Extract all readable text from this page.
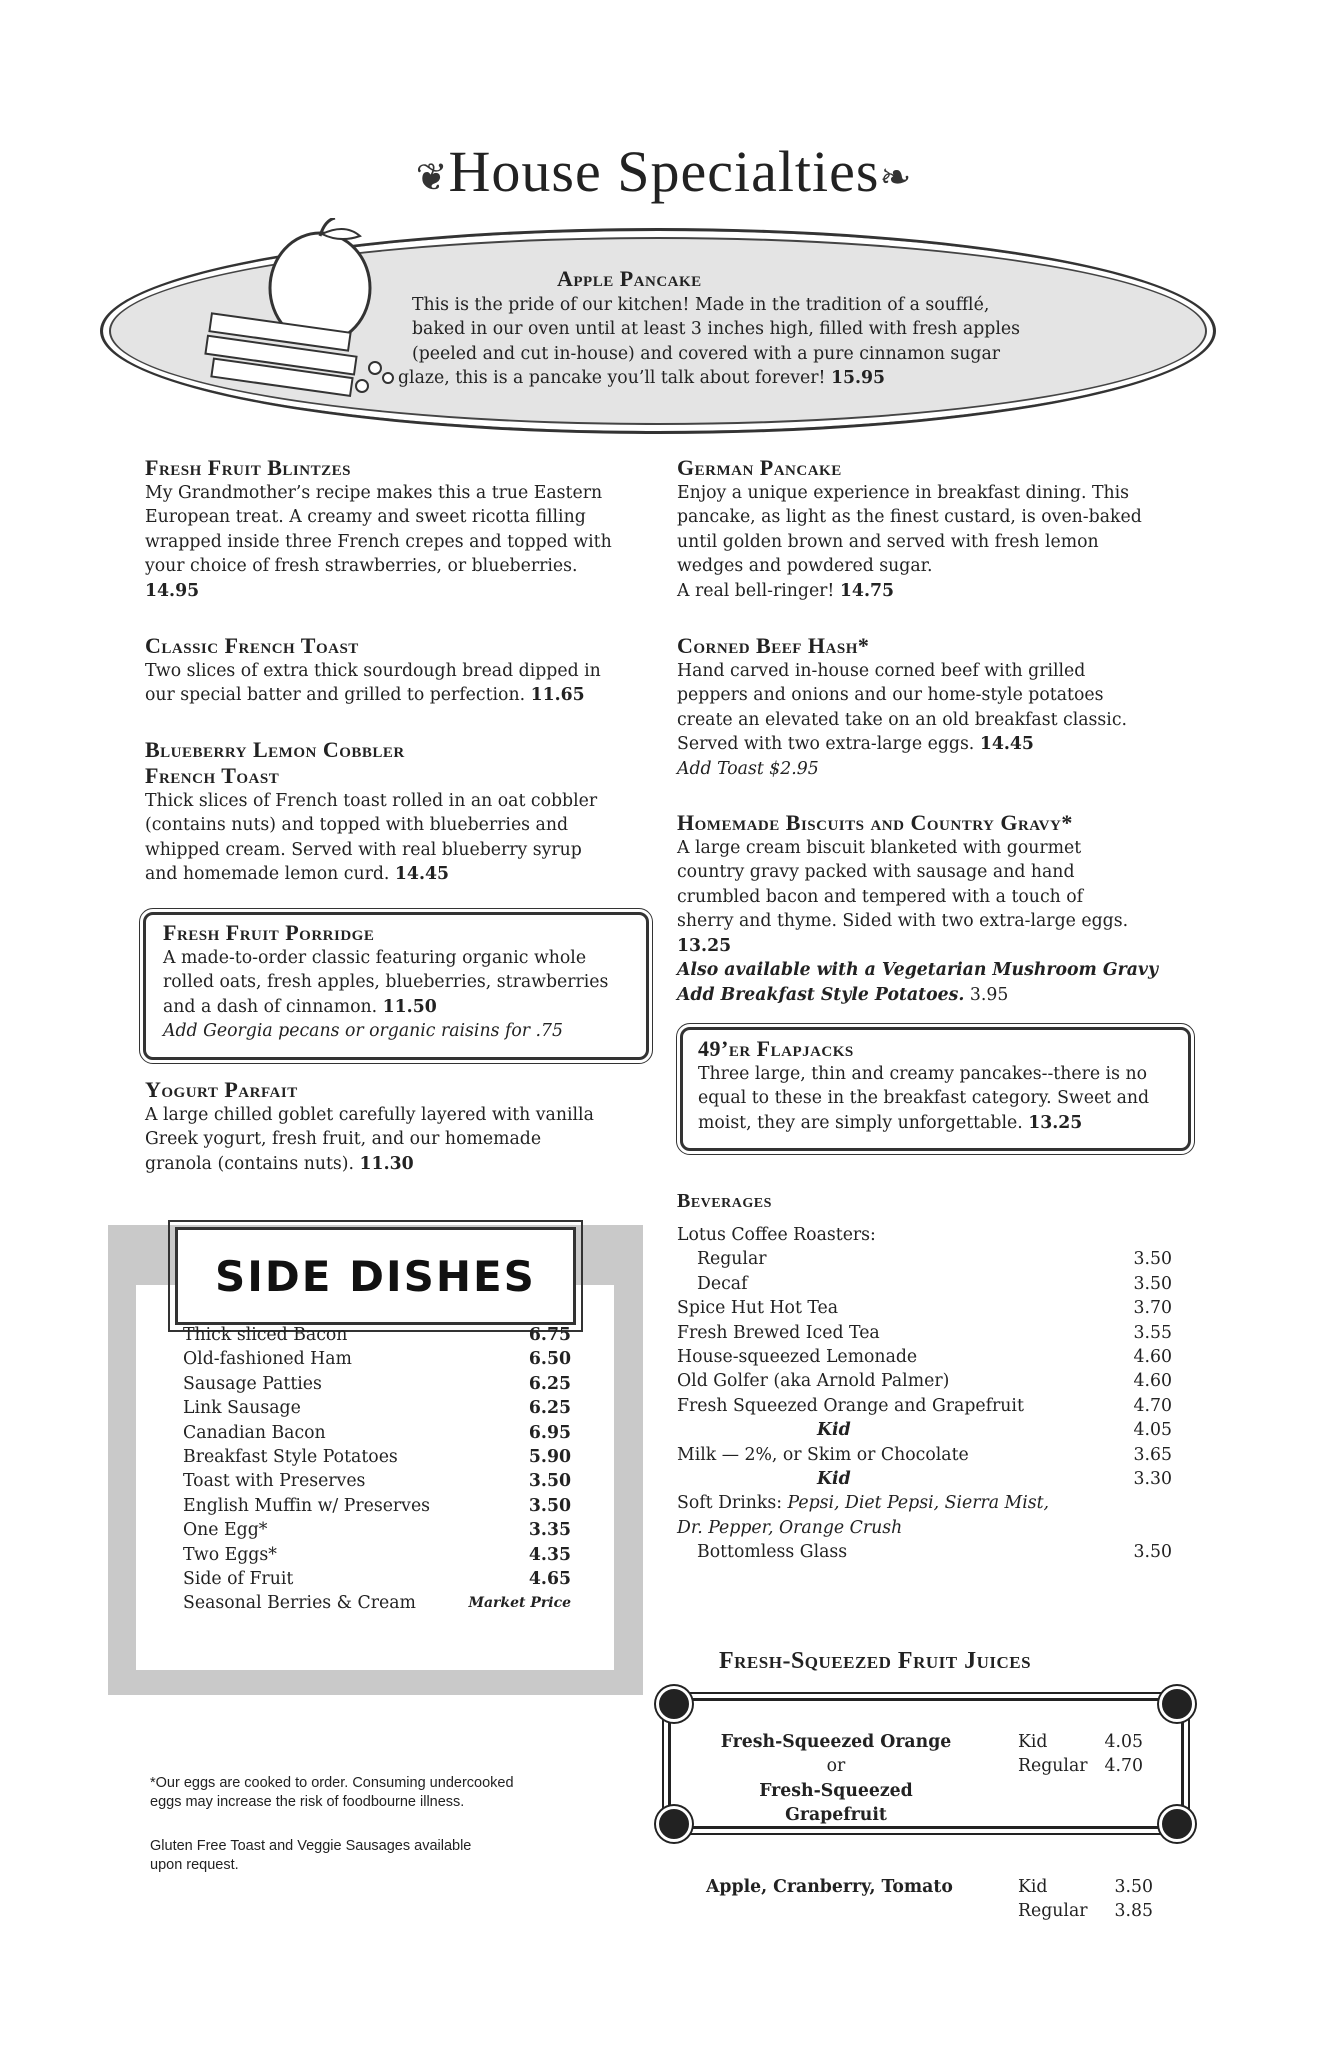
❦House Specialties❧
Apple Pancake
This is the pride of our kitchen! Made in the tradition of a soufflé,
baked in our oven until at least 3 inches high, filled with fresh apples
(peeled and cut in-house) and covered with a pure cinnamon sugar
glaze, this is a pancake you’ll talk about forever! 15.95
Fresh Fruit Blintzes
My Grandmother’s recipe makes this a true Eastern
European treat. A creamy and sweet ricotta filling
wrapped inside three French crepes and topped with
your choice of fresh strawberries, or blueberries.
14.95
Classic French Toast
Two slices of extra thick sourdough bread dipped in
our special batter and grilled to perfection. 11.65
Blueberry Lemon Cobbler
French Toast
Thick slices of French toast rolled in an oat cobbler
(contains nuts) and topped with blueberries and
whipped cream. Served with real blueberry syrup
and homemade lemon curd. 14.45
Fresh Fruit Porridge
A made-to-order classic featuring organic whole
rolled oats, fresh apples, blueberries, strawberries
and a dash of cinnamon. 11.50
Add Georgia pecans or organic raisins for .75
Yogurt Parfait
A large chilled goblet carefully layered with vanilla
Greek yogurt, fresh fruit, and our homemade
granola (contains nuts). 11.30
German Pancake
Enjoy a unique experience in breakfast dining. This
pancake, as light as the finest custard, is oven-baked
until golden brown and served with fresh lemon
wedges and powdered sugar.
A real bell-ringer! 14.75
Corned Beef Hash*
Hand carved in-house corned beef with grilled
peppers and onions and our home-style potatoes
create an elevated take on an old breakfast classic.
Served with two extra-large eggs. 14.45
Add Toast $2.95
Homemade Biscuits and Country Gravy*
A large cream biscuit blanketed with gourmet
country gravy packed with sausage and hand
crumbled bacon and tempered with a touch of
sherry and thyme. Sided with two extra-large eggs.
13.25
Also available with a Vegetarian Mushroom Gravy
Add Breakfast Style Potatoes. 3.95
49’er Flapjacks
Three large, thin and creamy pancakes--there is no
equal to these in the breakfast category. Sweet and
moist, they are simply unforgettable. 13.25
SIDE DISHES
Thick sliced Bacon	6.75
Old-fashioned Ham	6.50
Sausage Patties	6.25
Link Sausage	6.25
Canadian Bacon	6.95
Breakfast Style Potatoes	5.90
Toast with Preserves	3.50
English Muffin w/ Preserves	3.50
One Egg*	3.35
Two Eggs*	4.35
Side of Fruit	4.65
Seasonal Berries & Cream	Market Price
Beverages
Lotus Coffee Roasters:
Regular	3.50
Decaf	3.50
Spice Hut Hot Tea	3.70
Fresh Brewed Iced Tea	3.55
House-squeezed Lemonade	4.60
Old Golfer (aka Arnold Palmer)	4.60
Fresh Squeezed Orange and Grapefruit	4.70
Kid	4.05
Milk — 2%, or Skim or Chocolate	3.65
Kid	3.30
Soft Drinks: Pepsi, Diet Pepsi, Sierra Mist,
Dr. Pepper, Orange Crush
Bottomless Glass	3.50
Fresh-Squeezed Fruit Juices
Fresh-Squeezed Orange
or
Fresh-Squeezed Grapefruit
Kid	4.05
Regular 4.70
Apple, Cranberry, Tomato	Kid	3.50
Regular 3.85
*Our eggs are cooked to order. Consuming undercooked
eggs may increase the risk of foodbourne illness.
Gluten Free Toast and Veggie Sausages available
upon request.
